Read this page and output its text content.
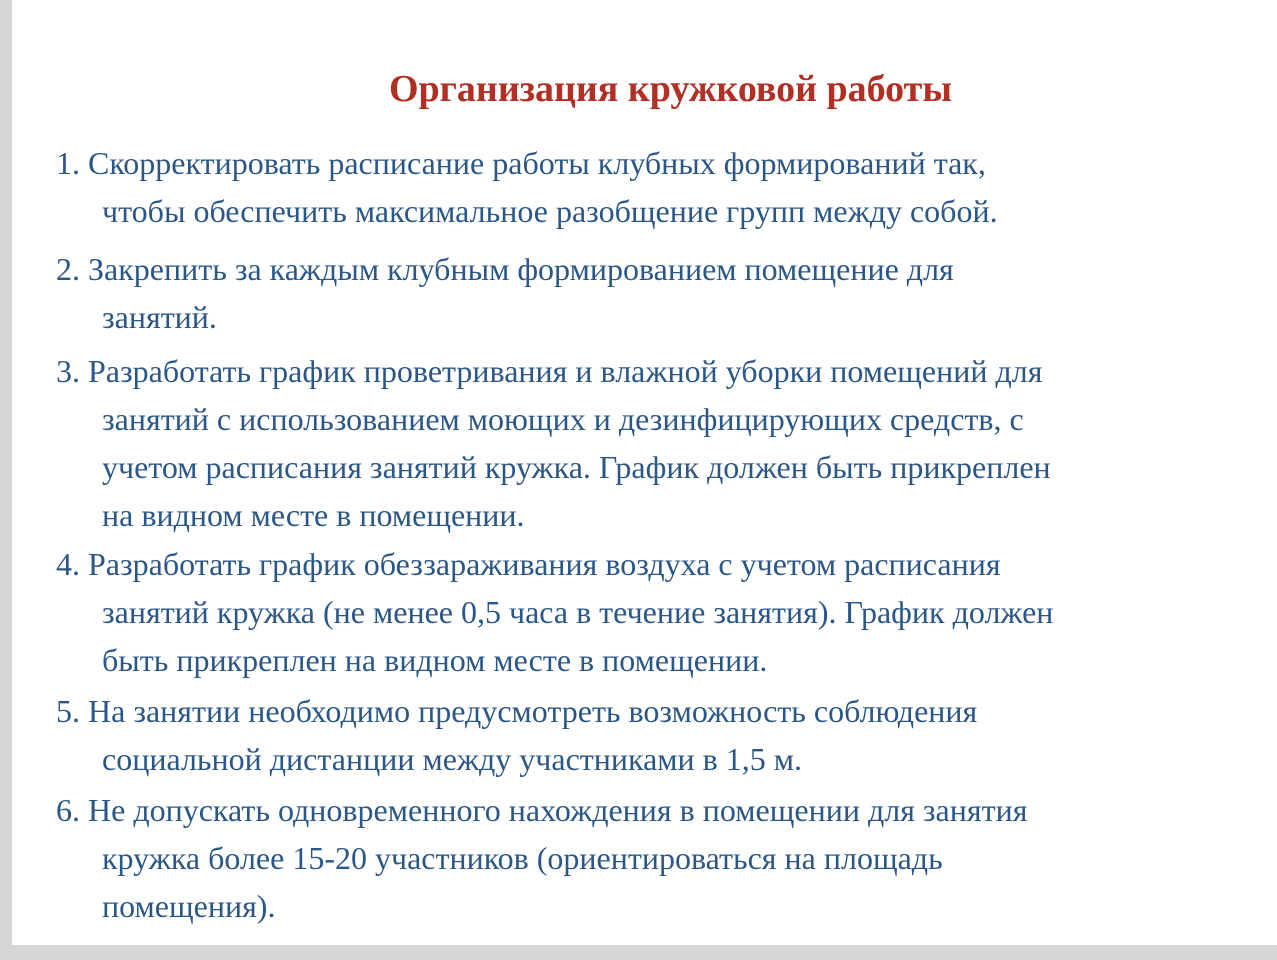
Организация кружковой работы
1. Скорректировать расписание работы клубных формирований так,
чтобы обеспечить максимальное разобщение групп между собой.
2. Закрепить за каждым клубным формированием помещение для
занятий.
3. Разработать график проветривания и влажной уборки помещений для
занятий с использованием моющих и дезинфицирующих средств, с
учетом расписания занятий кружка. График должен быть прикреплен
на видном месте в помещении.
4. Разработать график обеззараживания воздуха с учетом расписания
занятий кружка (не менее 0,5 часа в течение занятия). График должен
быть прикреплен на видном месте в помещении.
5. На занятии необходимо предусмотреть возможность соблюдения
социальной дистанции между участниками в 1,5 м.
6. Не допускать одновременного нахождения в помещении для занятия
кружка более 15-20 участников (ориентироваться на площадь
помещения).
